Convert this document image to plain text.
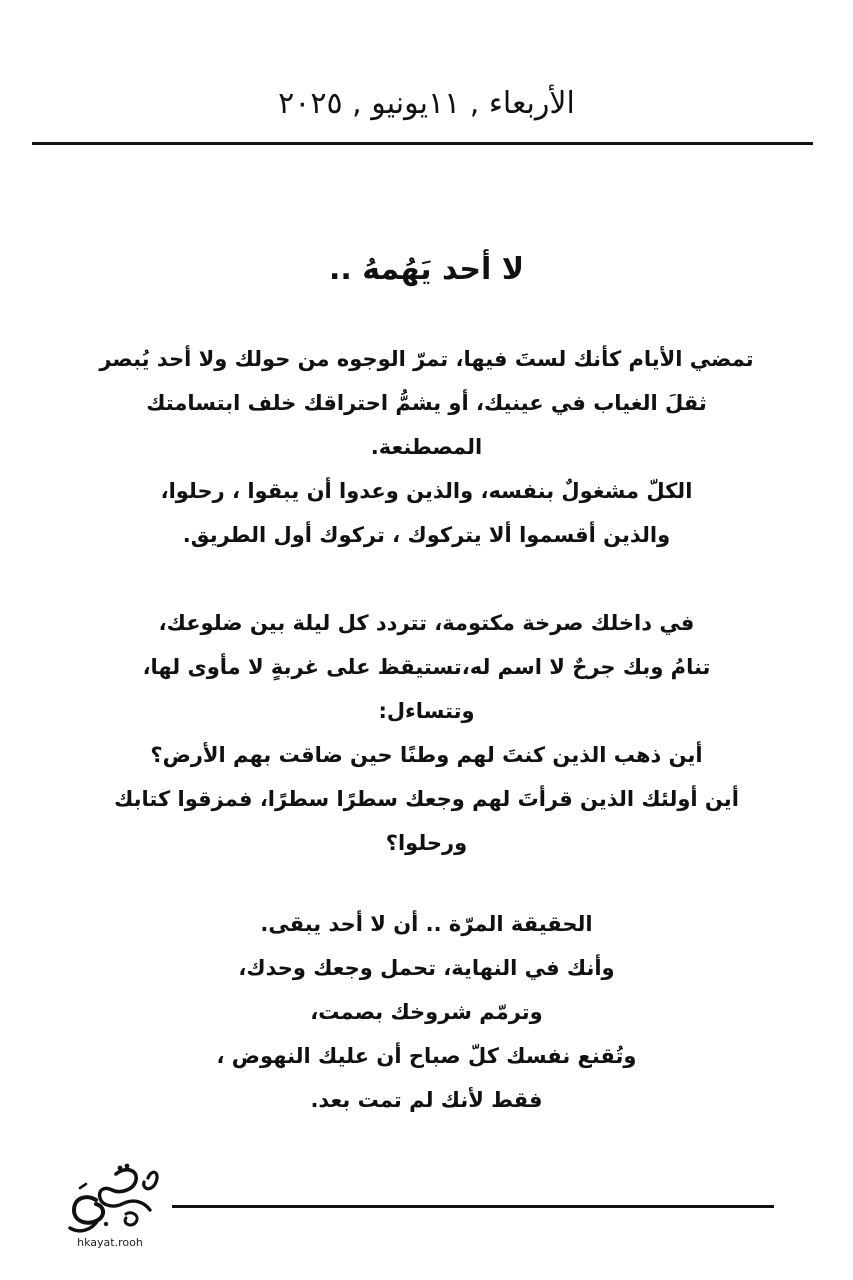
الأربعاء , ١١يونيو , ٢٠٢٥
لا أحد يَهُمهُ ..
تمضي الأيام كأنك لستَ فيها، تمرّ الوجوه من حولك ولا أحد يُبصر
ثقلَ الغياب في عينيك، أو يشمُّ احتراقك خلف ابتسامتك
المصطنعة.
الكلّ مشغولٌ بنفسه، والذين وعدوا أن يبقوا ، رحلوا،
والذين أقسموا ألا يتركوك ، تركوك أول الطريق.
في داخلك صرخة مكتومة، تتردد كل ليلة بين ضلوعك،
تنامُ وبك جرحٌ لا اسم له،تستيقظ على غربةٍ لا مأوى لها،
وتتساءل:
أين ذهب الذين كنتَ لهم وطنًا حين ضاقت بهم الأرض؟
أين أولئك الذين قرأتَ لهم وجعك سطرًا سطرًا، فمزقوا كتابك
ورحلوا؟
الحقيقة المرّة .. أن لا أحد يبقى.
وأنك في النهاية، تحمل وجعك وحدك،
وترمّم شروخك بصمت،
وتُقنع نفسك كلّ صباح أن عليك النهوض ،
فقط لأنك لم تمت بعد.
hkayat.rooh
